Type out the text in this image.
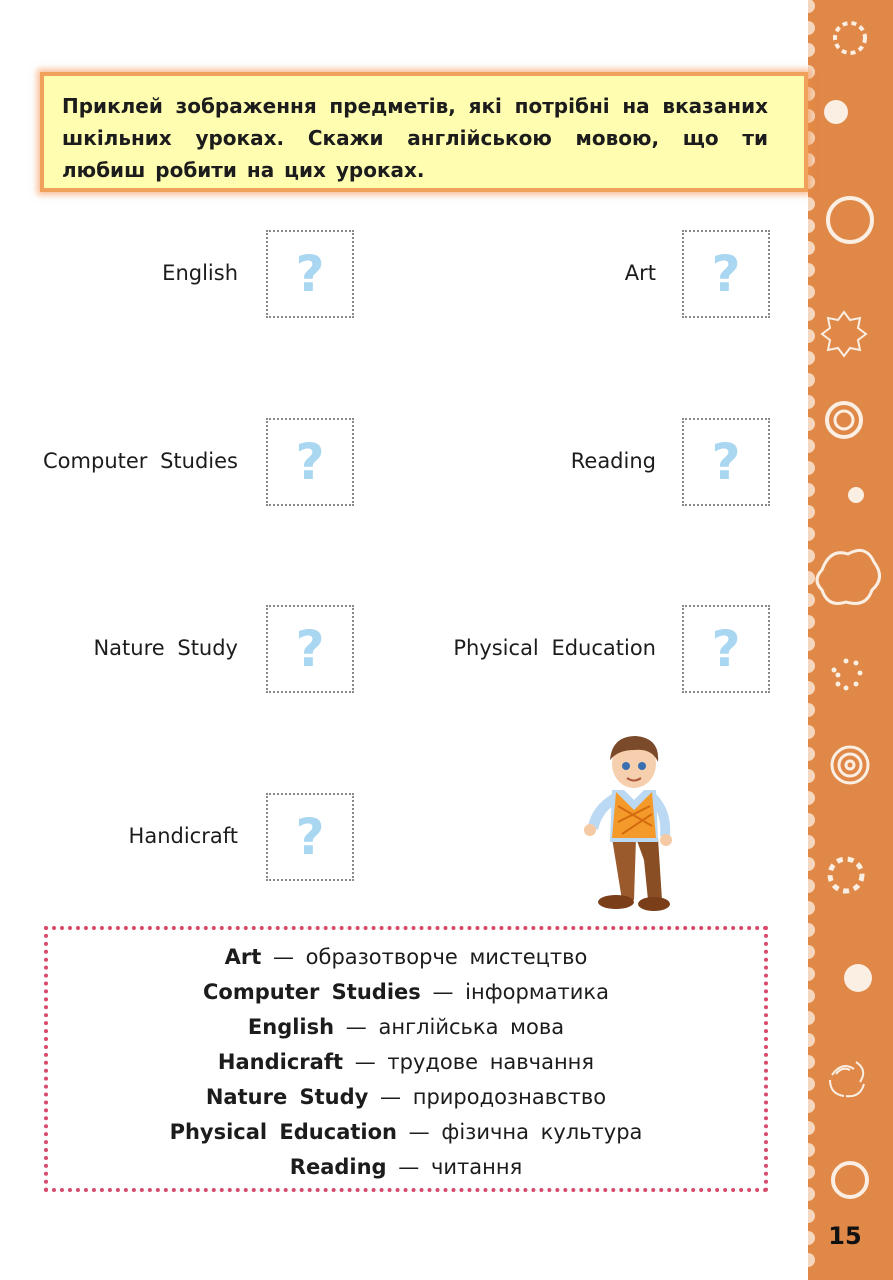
15

Приклей зображення предметів, які потрібні на вказаних шкільних уроках. Скажи англійською мовою, що ти любиш робити на цих уроках.

English ?
Computer Studies ?
Nature Study ?
Handicraft ?
Art ?
Reading ?
Physical Education ?
Art — образотворче мистецтво
Computer Studies — інформатика
English — англійська мова
Handicraft — трудове навчання
Nature Study — природознавство
Physical Education — фізична культура
Reading — читання
